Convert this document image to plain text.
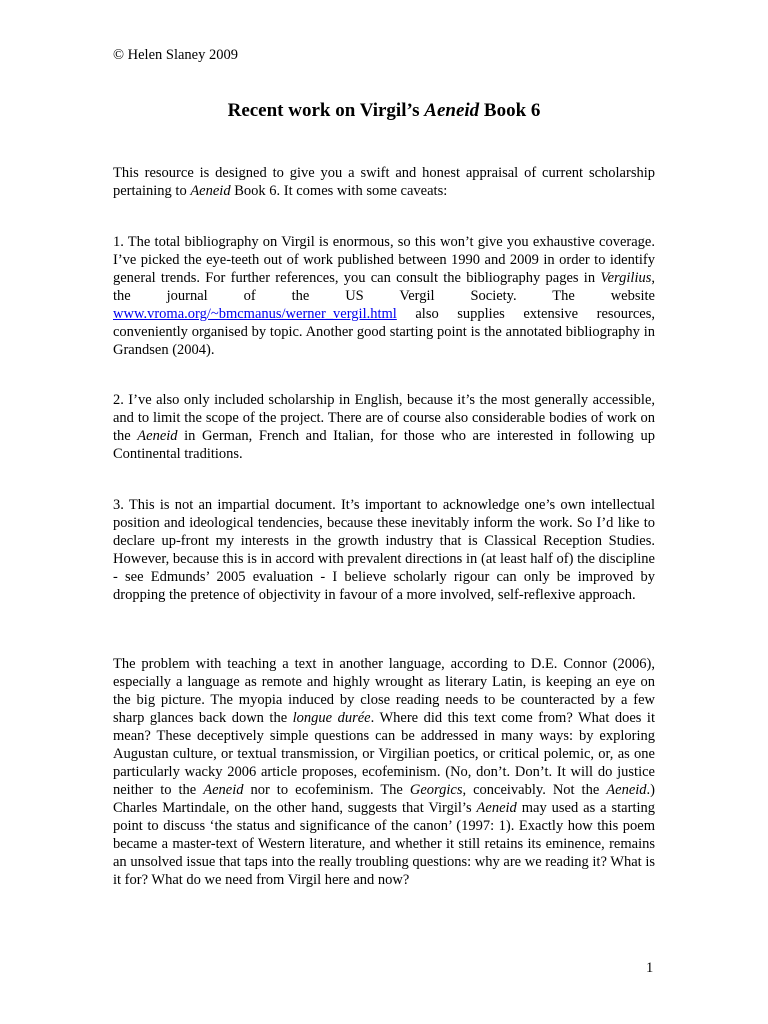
© Helen Slaney 2009
Recent work on Virgil’s Aeneid Book 6
This resource is designed to give you a swift and honest appraisal of current scholarship pertaining to Aeneid Book 6. It comes with some caveats:
1. The total bibliography on Virgil is enormous, so this won’t give you exhaustive coverage. I’ve picked the eye-teeth out of work published between 1990 and 2009 in order to identify general trends. For further references, you can consult the bibliography pages in Vergilius, the journal of the US Vergil Society. The website www.vroma.org/~bmcmanus/werner_vergil.html also supplies extensive resources, conveniently organised by topic. Another good starting point is the annotated bibliography in Grandsen (2004).
2. I’ve also only included scholarship in English, because it’s the most generally accessible, and to limit the scope of the project. There are of course also considerable bodies of work on the Aeneid in German, French and Italian, for those who are interested in following up Continental traditions.
3. This is not an impartial document. It’s important to acknowledge one’s own intellectual position and ideological tendencies, because these inevitably inform the work. So I’d like to declare up-front my interests in the growth industry that is Classical Reception Studies. However, because this is in accord with prevalent directions in (at least half of) the discipline - see Edmunds’ 2005 evaluation - I believe scholarly rigour can only be improved by dropping the pretence of objectivity in favour of a more involved, self-reflexive approach.
The problem with teaching a text in another language, according to D.E. Connor (2006), especially a language as remote and highly wrought as literary Latin, is keeping an eye on the big picture. The myopia induced by close reading needs to be counteracted by a few sharp glances back down the longue durée. Where did this text come from? What does it mean? These deceptively simple questions can be addressed in many ways: by exploring Augustan culture, or textual transmission, or Virgilian poetics, or critical polemic, or, as one particularly wacky 2006 article proposes, ecofeminism. (No, don’t. Don’t. It will do justice neither to the Aeneid nor to ecofeminism. The Georgics, conceivably. Not the Aeneid.) Charles Martindale, on the other hand, suggests that Virgil’s Aeneid may used as a starting point to discuss ‘the status and significance of the canon’ (1997: 1). Exactly how this poem became a master-text of Western literature, and whether it still retains its eminence, remains an unsolved issue that taps into the really troubling questions: why are we reading it? What is it for? What do we need from Virgil here and now?
1
